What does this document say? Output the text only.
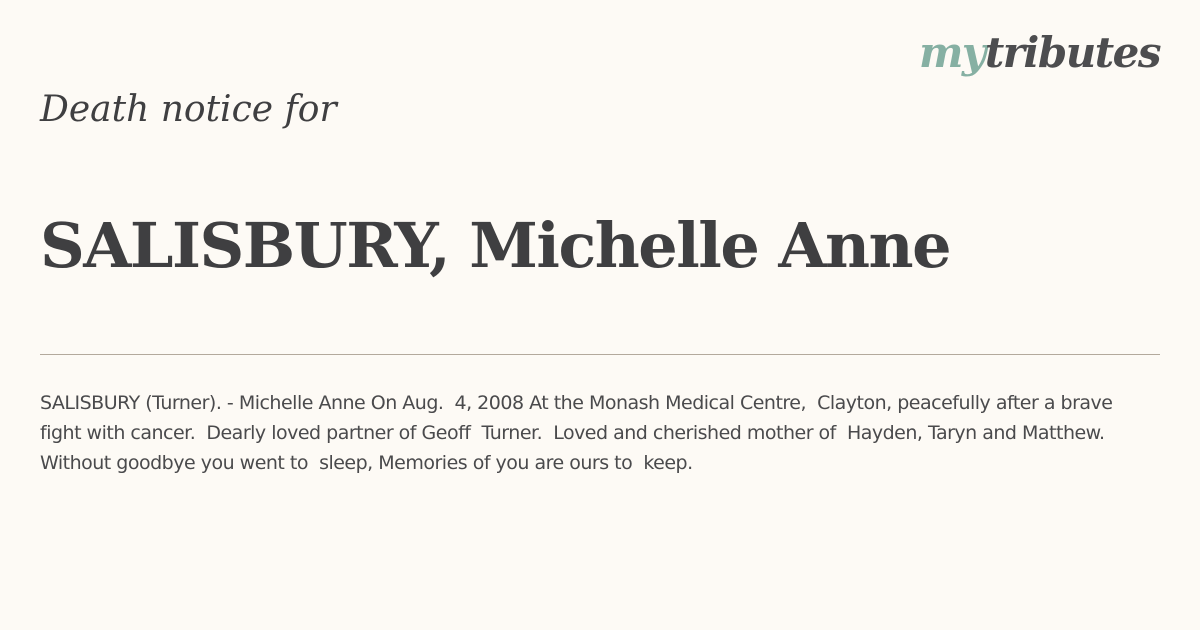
mytributes
Death notice for
SALISBURY, Michelle Anne

SALISBURY (Turner). - Michelle Anne On Aug.  4, 2008 At the Monash Medical Centre,  Clayton, peacefully after a brave  fight with cancer.  Dearly loved partner of Geoff  Turner.  Loved and cherished mother of  Hayden, Taryn and Matthew.  Without goodbye you went to  sleep, Memories of you are ours to  keep.
